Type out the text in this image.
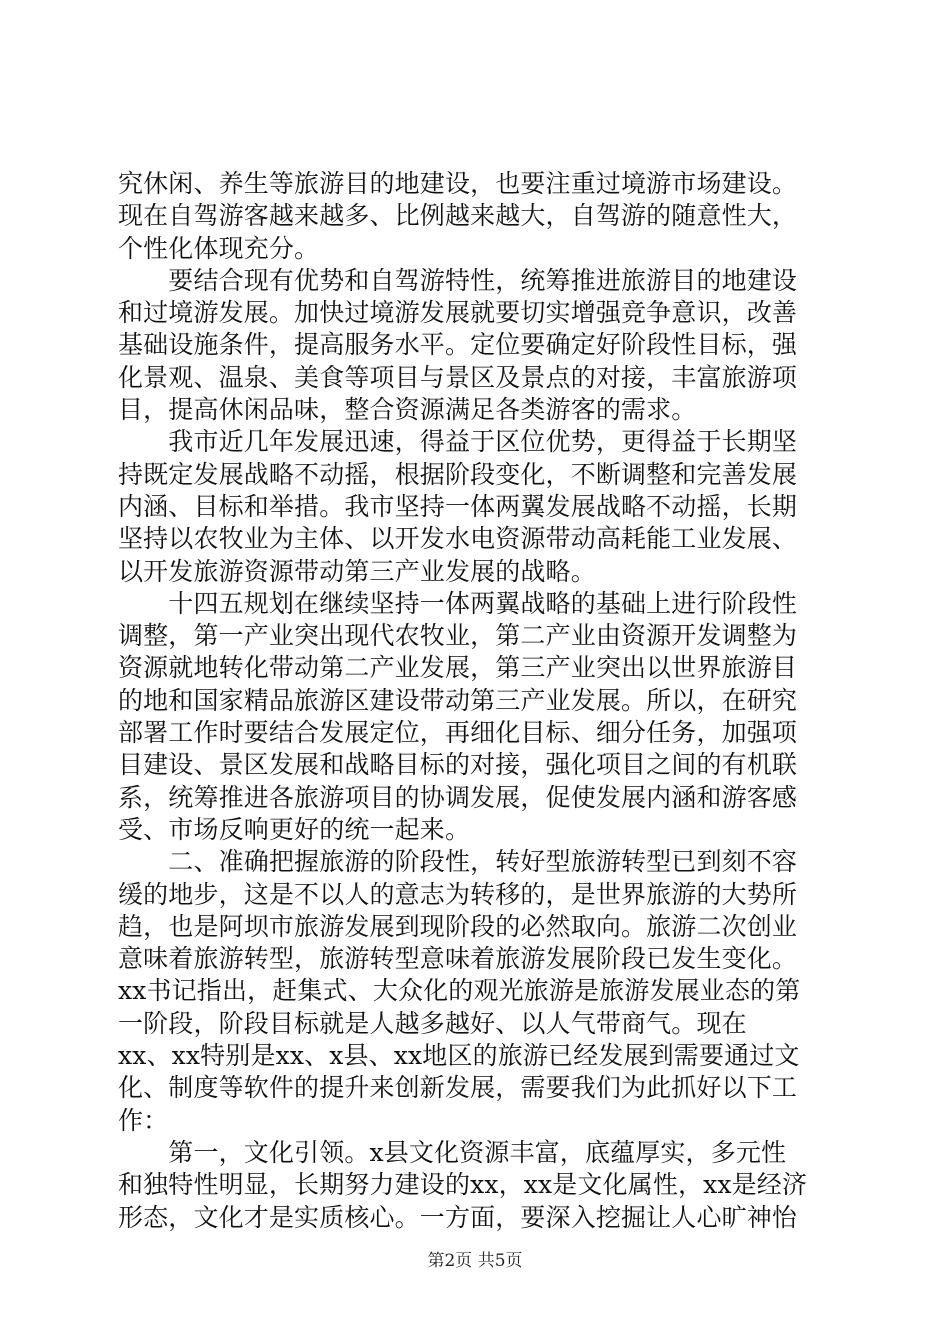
究休闲、养生等旅游目的地建设，也要注重过境游市场建设。
现在自驾游客越来越多、比例越来越大，自驾游的随意性大，
个性化体现充分。
　　要结合现有优势和自驾游特性，统筹推进旅游目的地建设
和过境游发展。加快过境游发展就要切实增强竞争意识，改善
基础设施条件，提高服务水平。定位要确定好阶段性目标，强
化景观、温泉、美食等项目与景区及景点的对接，丰富旅游项
目，提高休闲品味，整合资源满足各类游客的需求。
　　我市近几年发展迅速，得益于区位优势，更得益于长期坚
持既定发展战略不动摇，根据阶段变化，不断调整和完善发展
内涵、目标和举措。我市坚持一体两翼发展战略不动摇，长期
坚持以农牧业为主体、以开发水电资源带动高耗能工业发展、
以开发旅游资源带动第三产业发展的战略。
　　十四五规划在继续坚持一体两翼战略的基础上进行阶段性
调整，第一产业突出现代农牧业，第二产业由资源开发调整为
资源就地转化带动第二产业发展，第三产业突出以世界旅游目
的地和国家精品旅游区建设带动第三产业发展。所以，在研究
部署工作时要结合发展定位，再细化目标、细分任务，加强项
目建设、景区发展和战略目标的对接，强化项目之间的有机联
系，统筹推进各旅游项目的协调发展，促使发展内涵和游客感
受、市场反响更好的统一起来。
　　二、准确把握旅游的阶段性，转好型旅游转型已到刻不容
缓的地步，这是不以人的意志为转移的，是世界旅游的大势所
趋，也是阿坝市旅游发展到现阶段的必然取向。旅游二次创业
意味着旅游转型，旅游转型意味着旅游发展阶段已发生变化。
xx书记指出，赶集式、大众化的观光旅游是旅游发展业态的第
一阶段，阶段目标就是人越多越好、以人气带商气。现在
xx、xx特别是xx、x县、xx地区的旅游已经发展到需要通过文
化、制度等软件的提升来创新发展，需要我们为此抓好以下工
作：
　　第一，文化引领。x县文化资源丰富，底蕴厚实，多元性
和独特性明显，长期努力建设的xx，xx是文化属性，xx是经济
形态，文化才是实质核心。一方面，要深入挖掘让人心旷神怡
第2页 共5页
